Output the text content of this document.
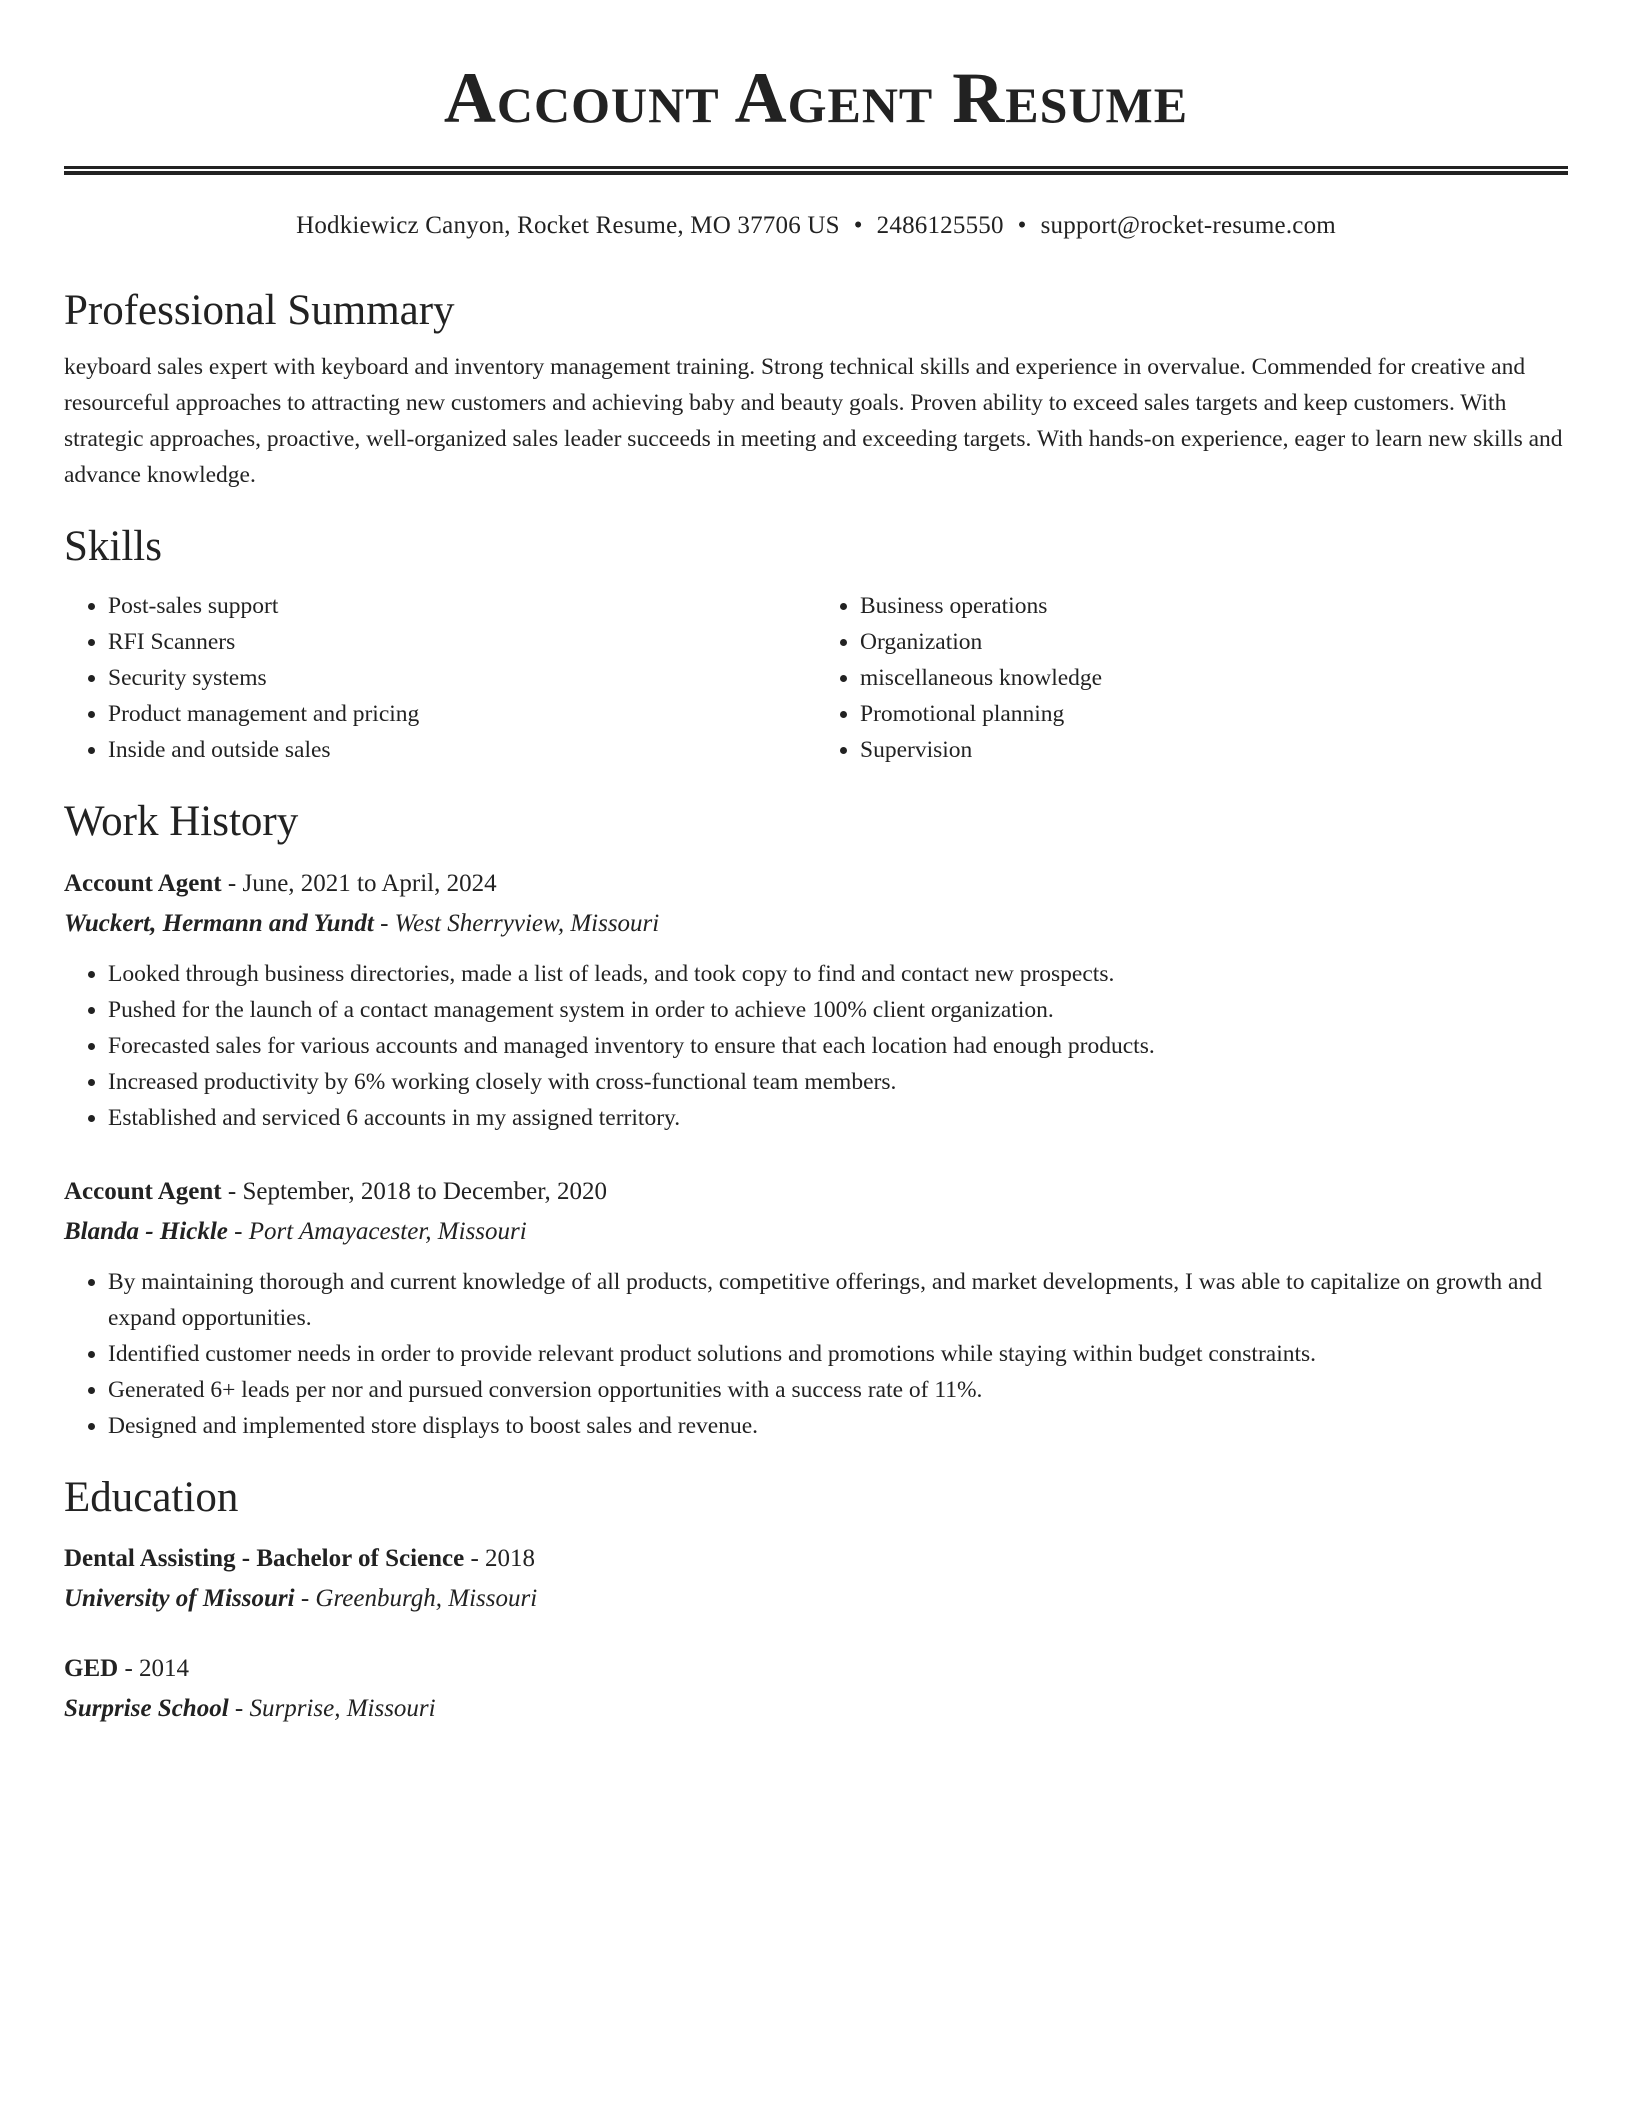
Account Agent Resume
Hodkiewicz Canyon, Rocket Resume, MO 37706 US • 2486125550 • support@rocket-resume.com
Professional Summary

keyboard sales expert with keyboard and inventory management training. Strong technical skills and experience in overvalue. Commended for creative and resourceful approaches to attracting new customers and achieving baby and beauty goals. Proven ability to exceed sales targets and keep customers. With strategic approaches, proactive, well-organized sales leader succeeds in meeting and exceeding targets. With hands-on experience, eager to learn new skills and advance knowledge.

Skills
• Post-sales support
• RFI Scanners
• Security systems
• Product management and pricing
• Inside and outside sales
• Business operations
• Organization
• miscellaneous knowledge
• Promotional planning
• Supervision
Work History
Account Agent - June, 2021 to April, 2024
Wuckert, Hermann and Yundt - West Sherryview, Missouri
• Looked through business directories, made a list of leads, and took copy to find and contact new prospects.
• Pushed for the launch of a contact management system in order to achieve 100% client organization.
• Forecasted sales for various accounts and managed inventory to ensure that each location had enough products.
• Increased productivity by 6% working closely with cross-functional team members.
• Established and serviced 6 accounts in my assigned territory.
Account Agent - September, 2018 to December, 2020
Blanda - Hickle - Port Amayacester, Missouri
• By maintaining thorough and current knowledge of all products, competitive offerings, and market developments, I was able to capitalize on growth and expand opportunities.
• Identified customer needs in order to provide relevant product solutions and promotions while staying within budget constraints.
• Generated 6+ leads per nor and pursued conversion opportunities with a success rate of 11%.
• Designed and implemented store displays to boost sales and revenue.
Education
Dental Assisting - Bachelor of Science - 2018
University of Missouri - Greenburgh, Missouri
GED - 2014
Surprise School - Surprise, Missouri
